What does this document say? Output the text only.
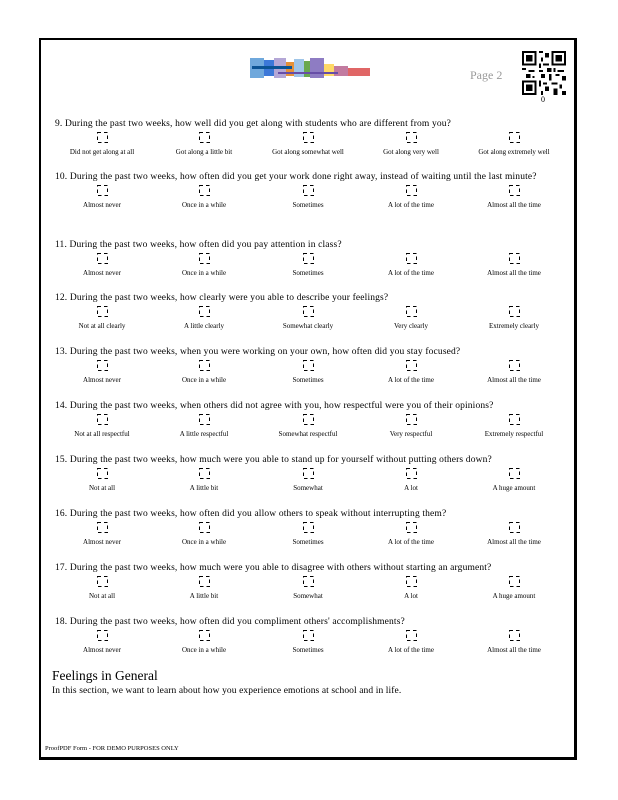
Page 2
0
9. During the past two weeks, how well did you get along with students who are different from you?
Did not get along at all	Got along a little bit	Got along somewhat well	Got along very well	Got along extremely well
10. During the past two weeks, how often did you get your work done right away, instead of waiting until the last minute?
Almost never	Once in a while	Sometimes	A lot of the time	Almost all the time
11. During the past two weeks, how often did you pay attention in class?
Almost never	Once in a while	Sometimes	A lot of the time	Almost all the time
12. During the past two weeks, how clearly were you able to describe your feelings?
Not at all clearly	A little clearly	Somewhat clearly	Very clearly	Extremely clearly
13. During the past two weeks, when you were working on your own, how often did you stay focused?
Almost never	Once in a while	Sometimes	A lot of the time	Almost all the time
14. During the past two weeks, when others did not agree with you, how respectful were you of their opinions?
Not at all respectful	A little respectful	Somewhat respectful	Very respectful	Extremely respectful
15. During the past two weeks, how much were you able to stand up for yourself without putting others down?
Not at all	A little bit	Somewhat	A lot	A huge amount
16. During the past two weeks, how often did you allow others to speak without interrupting them?
Almost never	Once in a while	Sometimes	A lot of the time	Almost all the time
17. During the past two weeks, how much were you able to disagree with others without starting an argument?
Not at all	A little bit	Somewhat	A lot	A huge amount
18. During the past two weeks, how often did you compliment others' accomplishments?
Almost never	Once in a while	Sometimes	A lot of the time	Almost all the time
Feelings in General
In this section, we want to learn about how you experience emotions at school and in life.
ProofPDF Form - FOR DEMO PURPOSES ONLY
